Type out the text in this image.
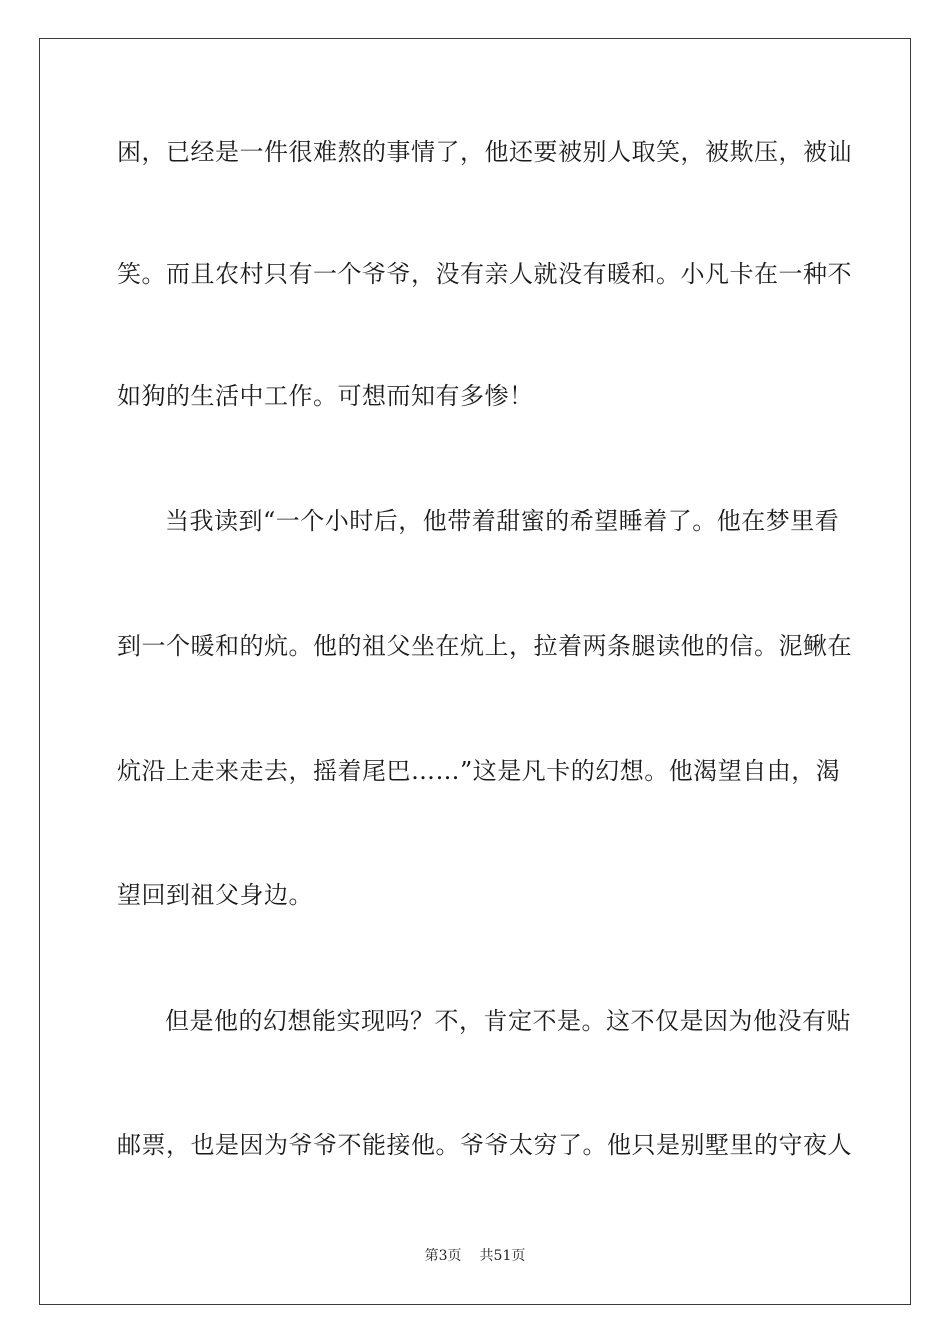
困，已经是一件很难熬的事情了，他还要被别人取笑，被欺压，被讪
笑。而且农村只有一个爷爷，没有亲人就没有暖和。小凡卡在一种不
如狗的生活中工作。可想而知有多惨！
当我读到“一个小时后，他带着甜蜜的希望睡着了。他在梦里看
到一个暖和的炕。他的祖父坐在炕上，拉着两条腿读他的信。泥鳅在
炕沿上走来走去，摇着尾巴……”这是凡卡的幻想。他渴望自由，渴
望回到祖父身边。
但是他的幻想能实现吗？不，肯定不是。这不仅是因为他没有贴
邮票，也是因为爷爷不能接他。爷爷太穷了。他只是别墅里的守夜人
第3页 共51页
